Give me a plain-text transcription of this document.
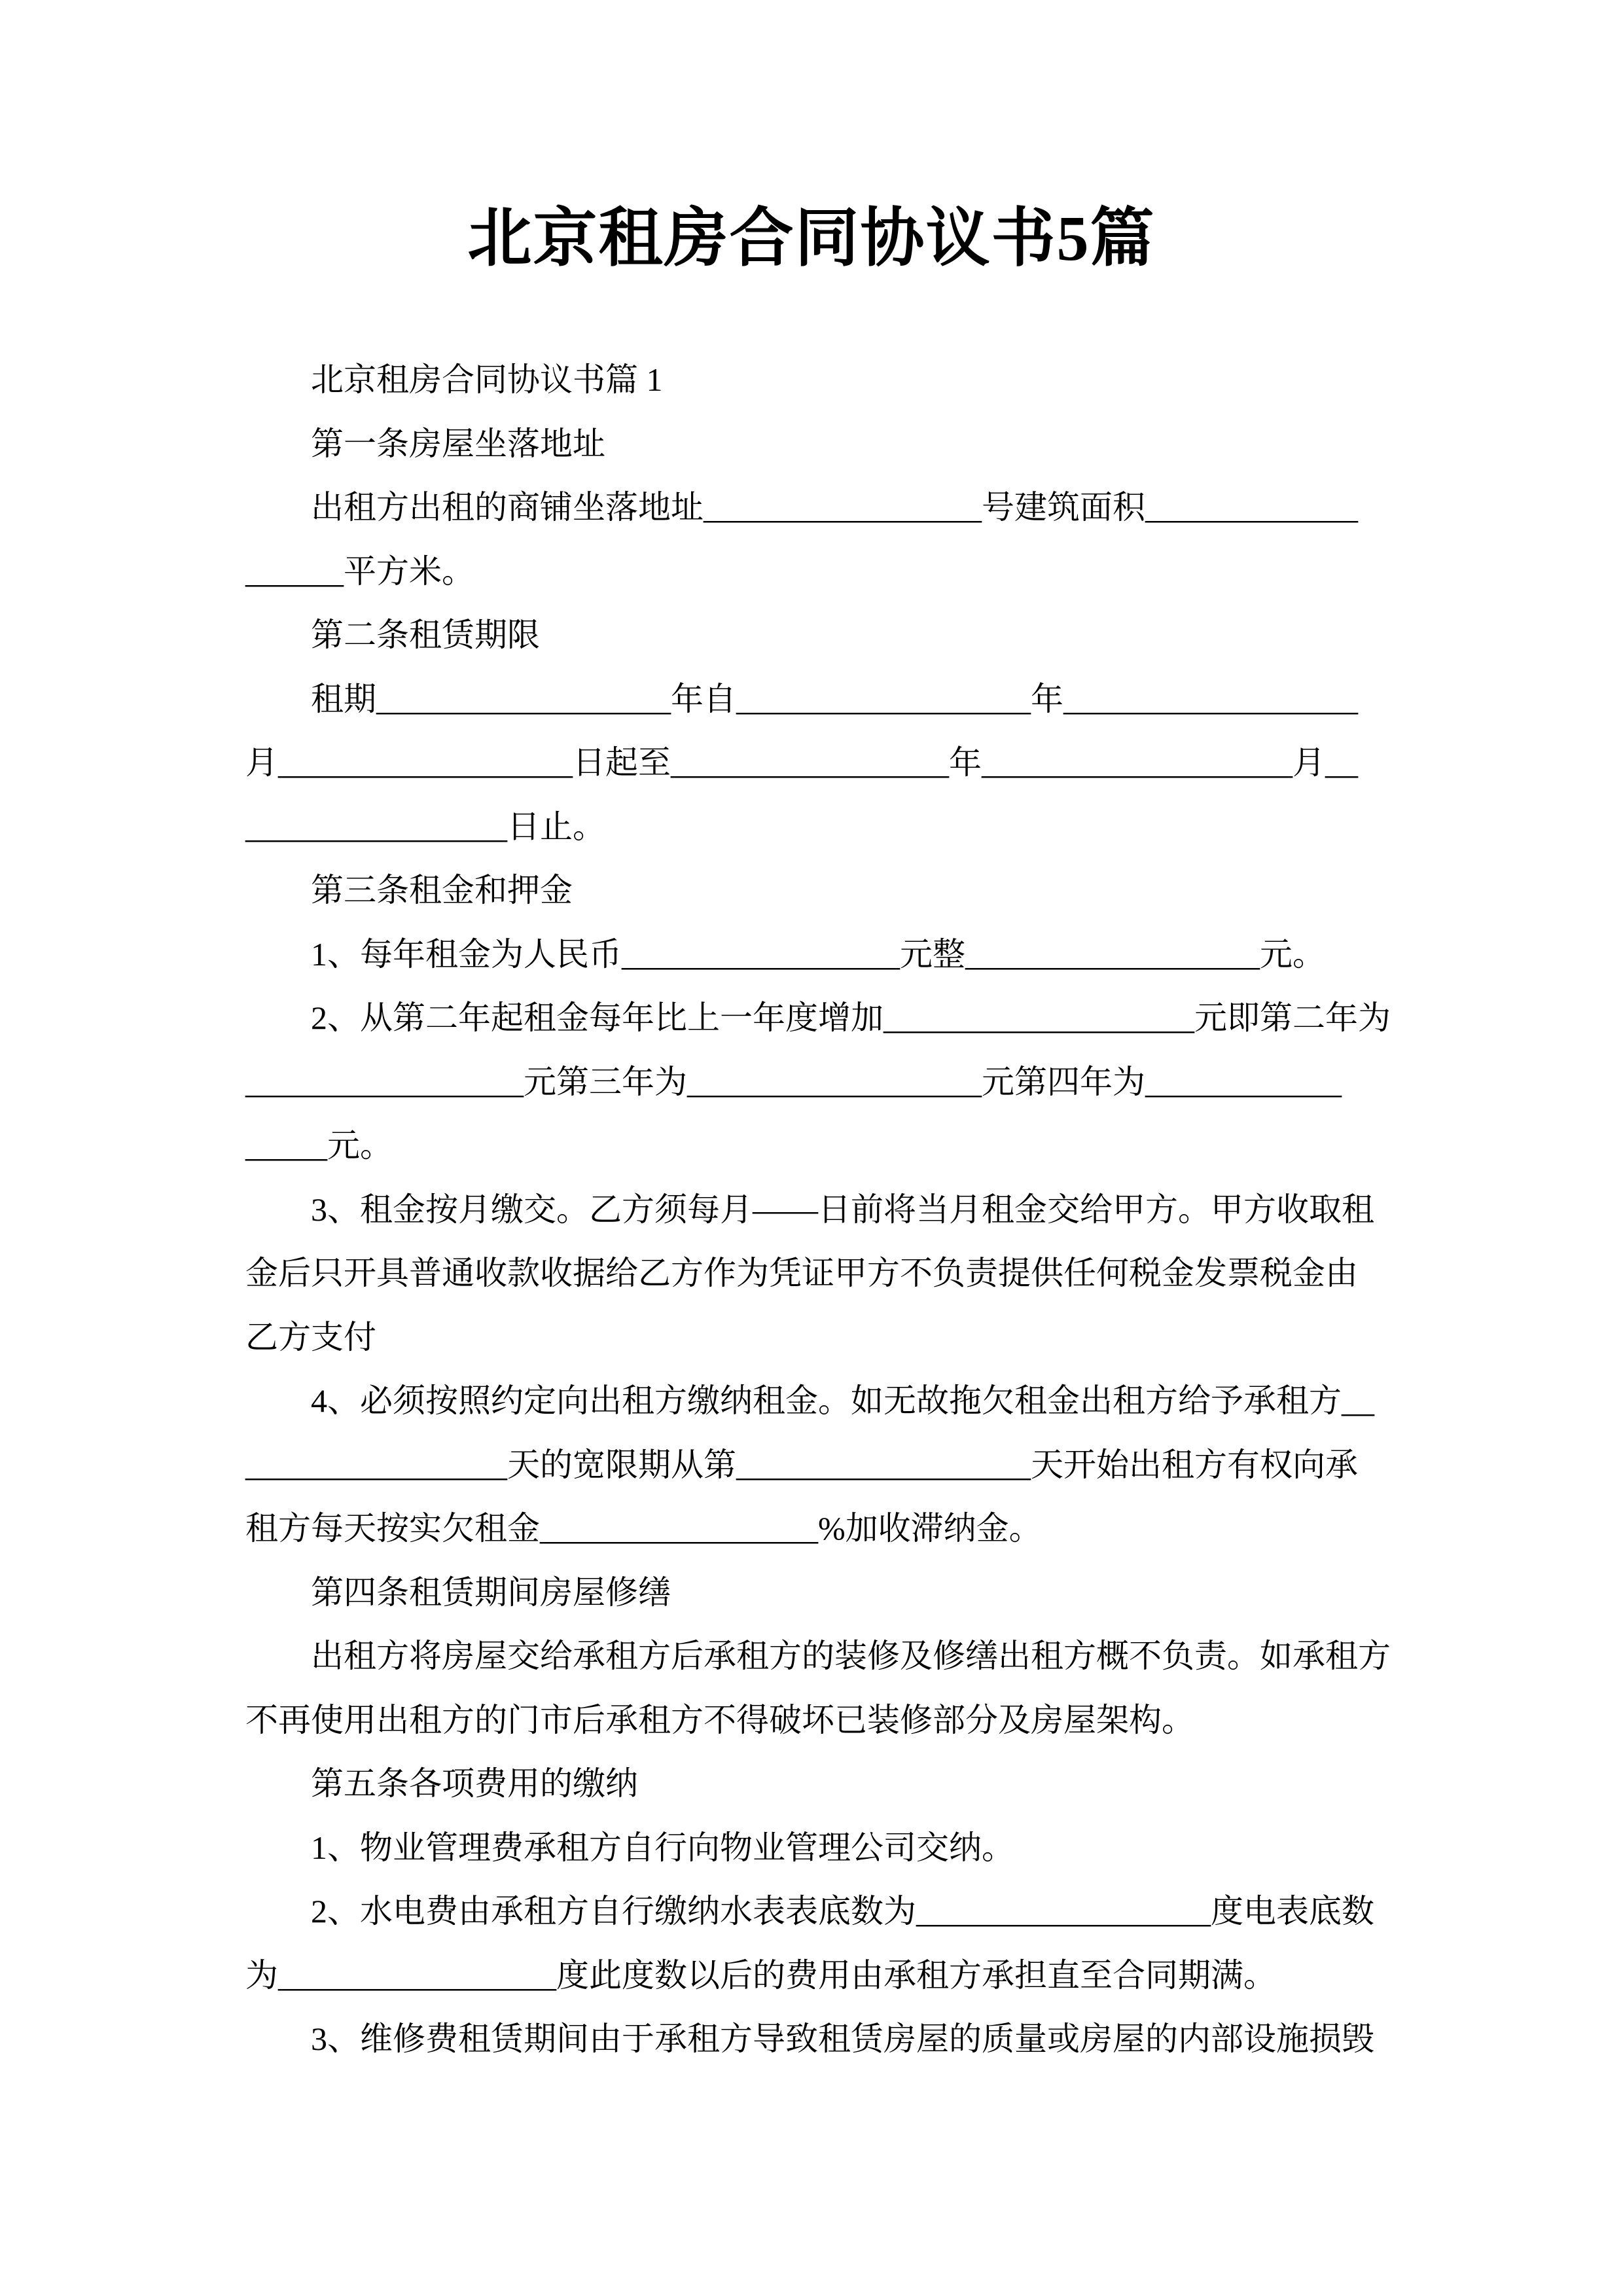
北京租房合同协议书5篇
北京租房合同协议书篇 1
第一条房屋坐落地址
出租方出租的商铺坐落地址_________________号建筑面积_____________
______平方米。
第二条租赁期限
租期__________________年自__________________年__________________
月__________________日起至_________________年___________________月__
________________日止。
第三条租金和押金
1、每年租金为人民币_________________元整__________________元。
2、从第二年起租金每年比上一年度增加___________________元即第二年为
_________________元第三年为__________________元第四年为____________
_____元。
3、租金按月缴交。乙方须每月――日前将当月租金交给甲方。甲方收取租
金后只开具普通收款收据给乙方作为凭证甲方不负责提供任何税金发票税金由
乙方支付
4、必须按照约定向出租方缴纳租金。如无故拖欠租金出租方给予承租方__
________________天的宽限期从第__________________天开始出租方有权向承
租方每天按实欠租金_________________%加收滞纳金。
第四条租赁期间房屋修缮
出租方将房屋交给承租方后承租方的装修及修缮出租方概不负责。如承租方
不再使用出租方的门市后承租方不得破坏已装修部分及房屋架构。
第五条各项费用的缴纳
1、物业管理费承租方自行向物业管理公司交纳。
2、水电费由承租方自行缴纳水表表底数为__________________度电表底数
为_________________度此度数以后的费用由承租方承担直至合同期满。
3、维修费租赁期间由于承租方导致租赁房屋的质量或房屋的内部设施损毁
